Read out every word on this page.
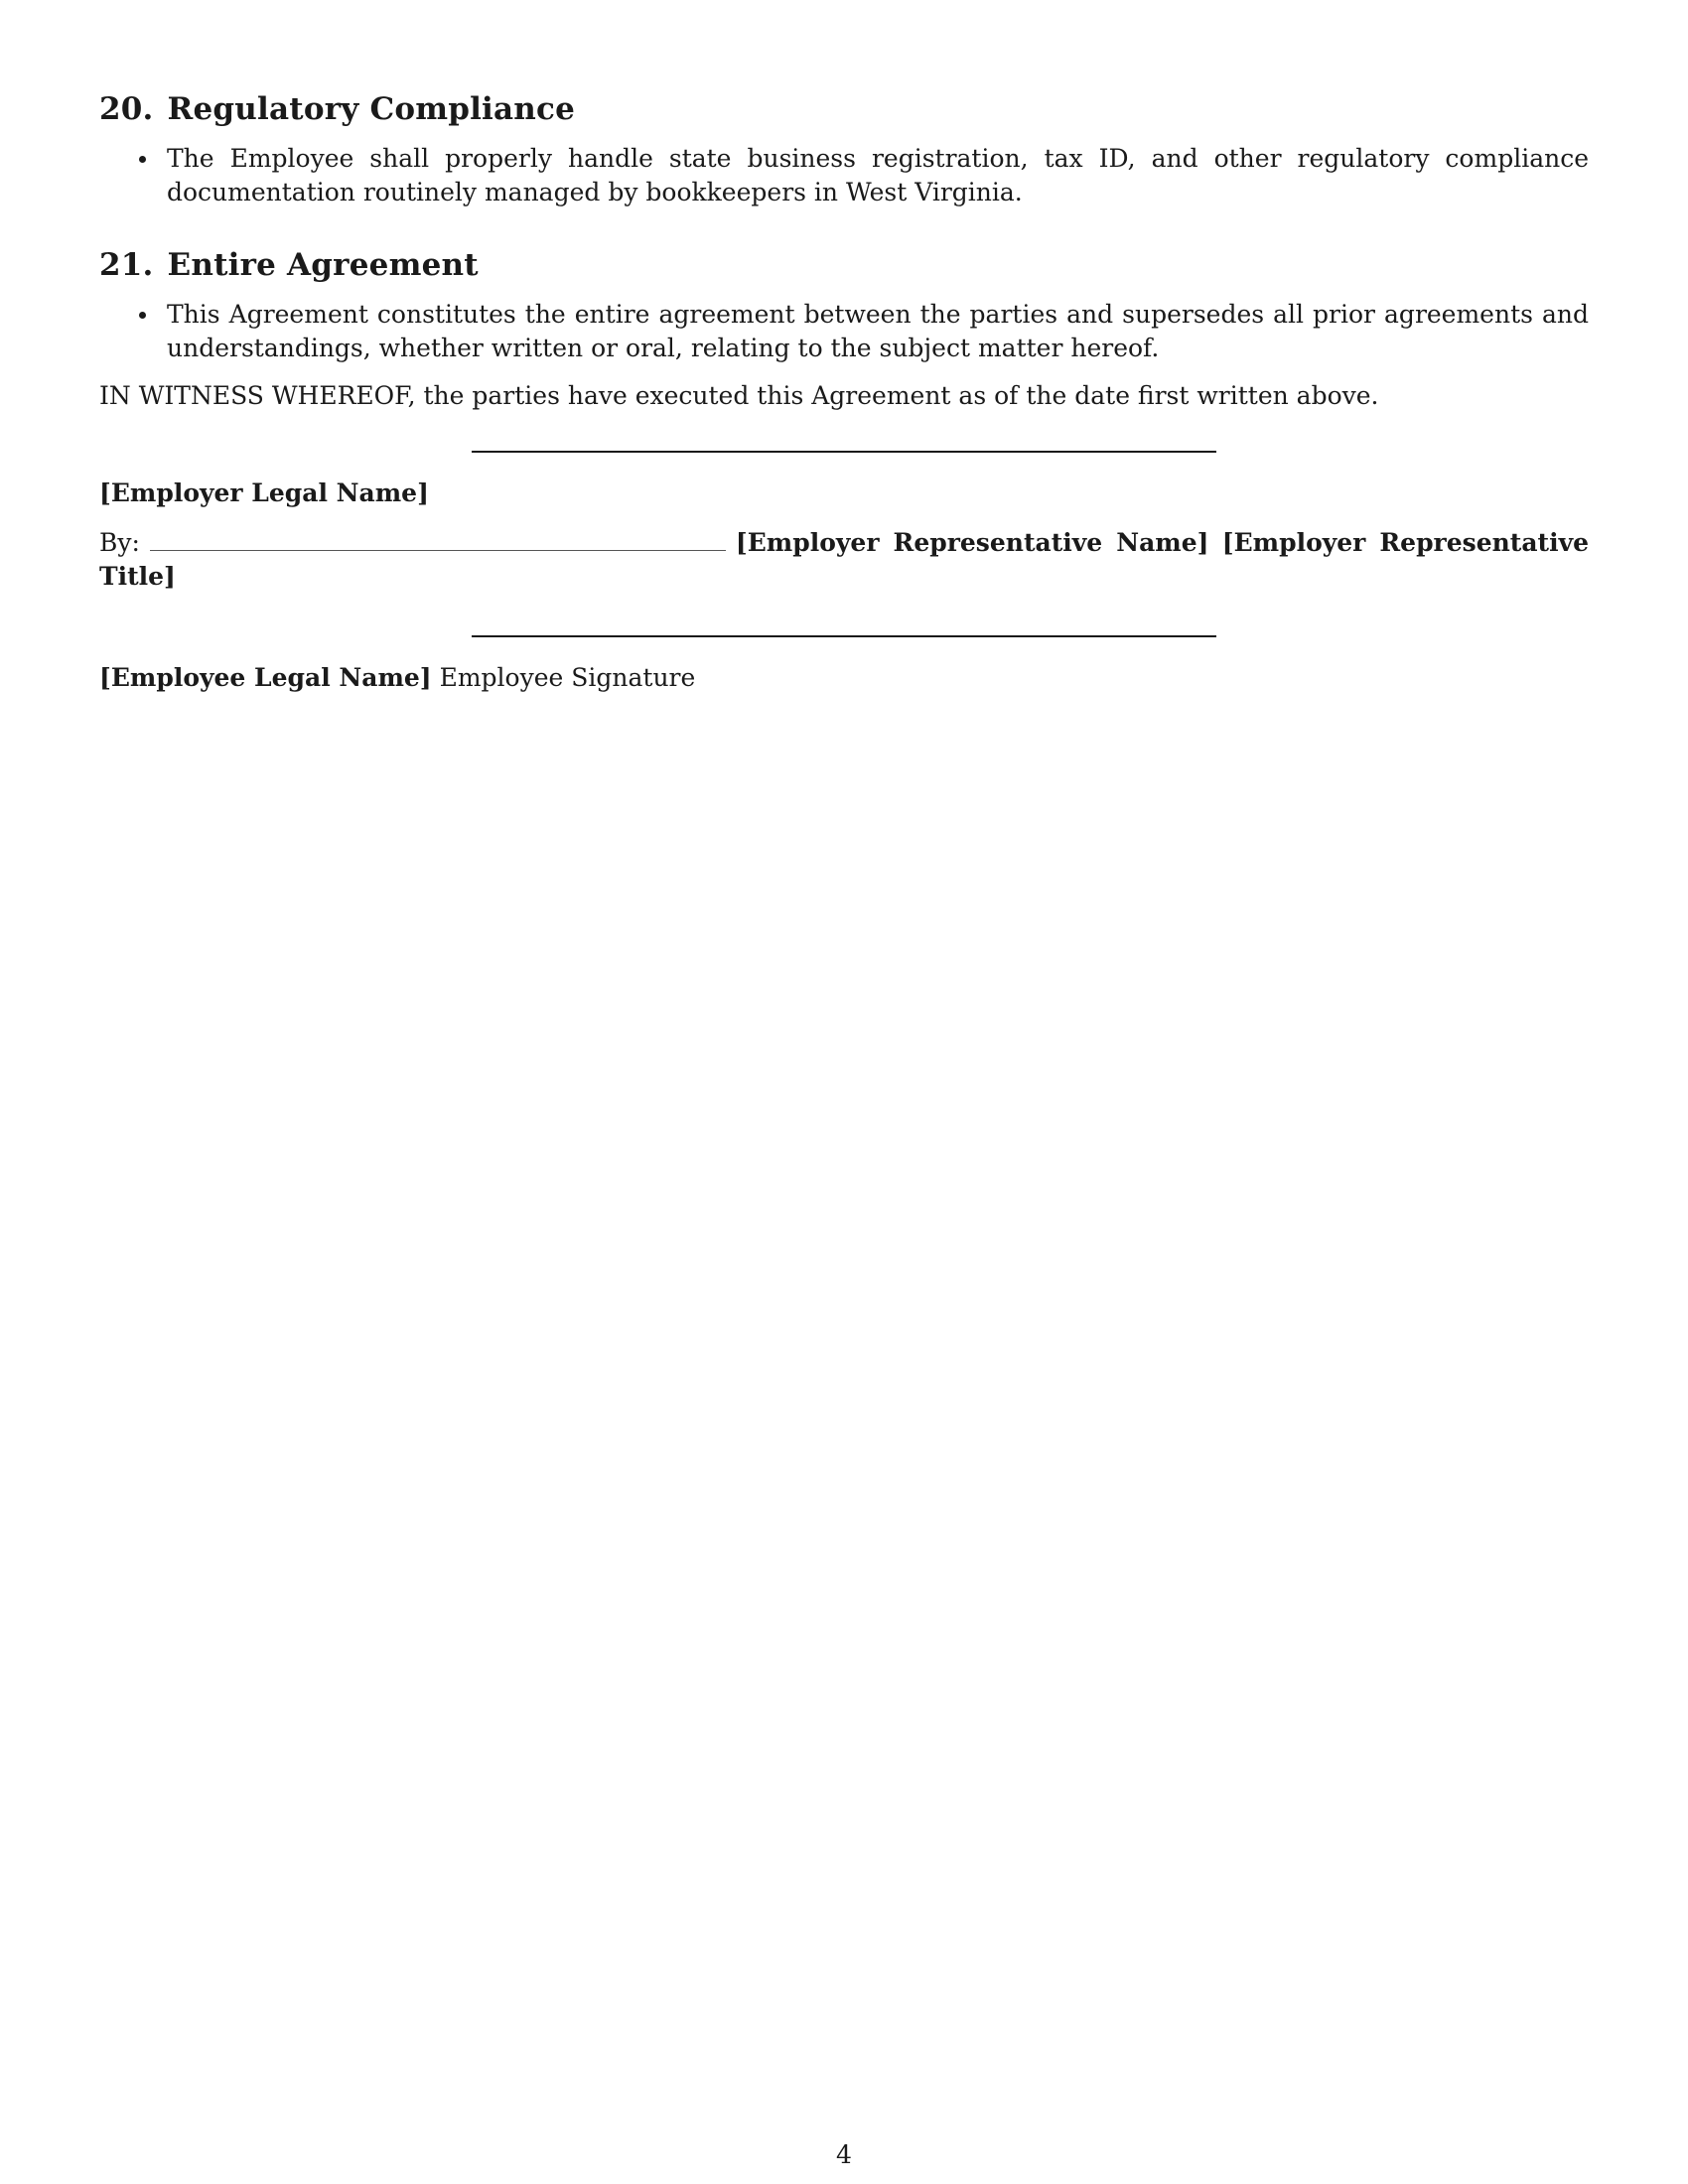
20. Regulatory Compliance
The Employee shall properly handle state business registration, tax ID, and other regulatory compliance documentation routinely managed by bookkeepers in West Virginia.
21. Entire Agreement
This Agreement constitutes the entire agreement between the parties and supersedes all prior agreements and understandings, whether written or oral, relating to the subject matter hereof.

IN WITNESS WHEREOF, the parties have executed this Agreement as of the date first written above.

[Employer Legal Name]
By:	[Employer Representative Name] [Employer Representative Title]
[Employee Legal Name] Employee Signature
4
